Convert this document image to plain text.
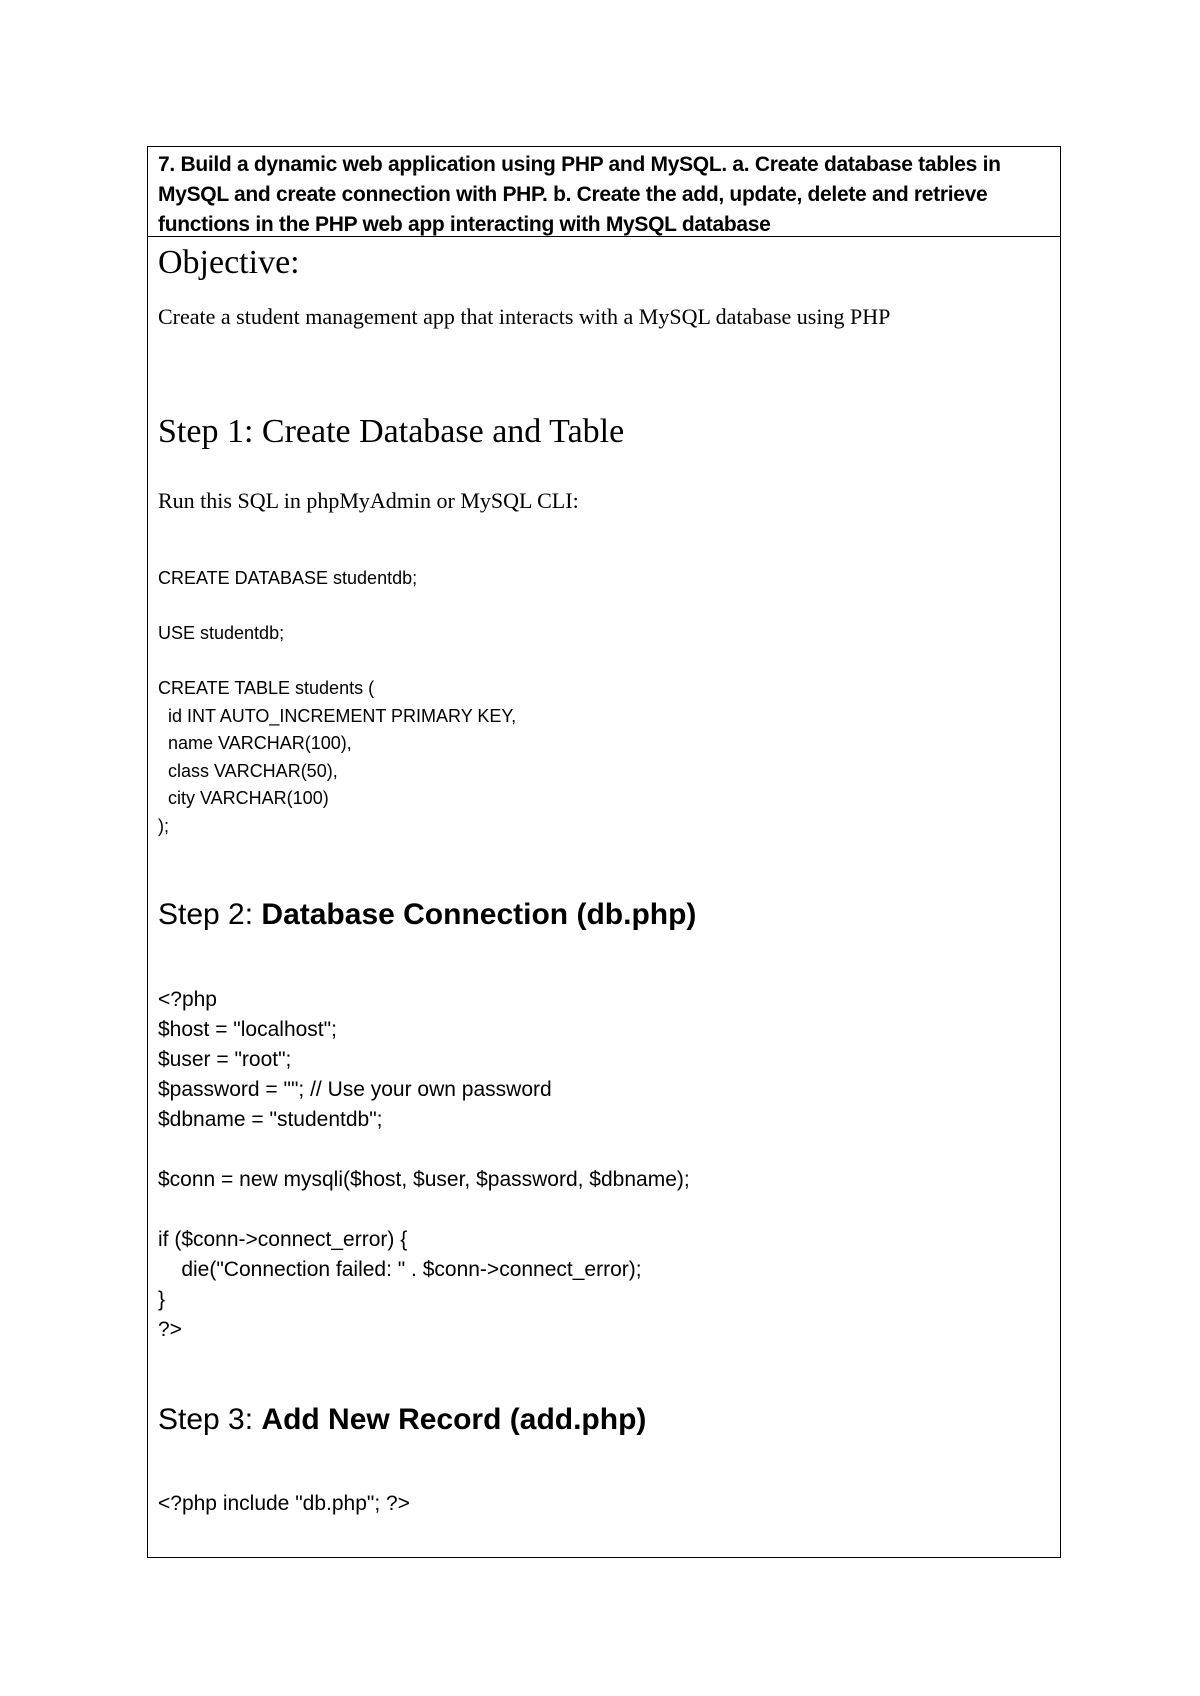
7. Build a dynamic web application using PHP and MySQL. a. Create database tables in MySQL and create connection with PHP. b. Create the add, update, delete and retrieve functions in the PHP web app interacting with MySQL database
Objective:
Create a student management app that interacts with a MySQL database using PHP
Step 1: Create Database and Table
Run this SQL in phpMyAdmin or MySQL CLI:
CREATE DATABASE studentdb;

USE studentdb;

CREATE TABLE students (
id INT AUTO_INCREMENT PRIMARY KEY,
name VARCHAR(100),
class VARCHAR(50),
city VARCHAR(100)
);
Step 2: Database Connection (db.php)
<?php
$host = "localhost";
$user = "root";
$password = ""; // Use your own password
$dbname = "studentdb";

$conn = new mysqli($host, $user, $password, $dbname);

if ($conn->connect_error) {
die("Connection failed: " . $conn->connect_error);
}
?>
Step 3: Add New Record (add.php)
<?php include "db.php"; ?>
